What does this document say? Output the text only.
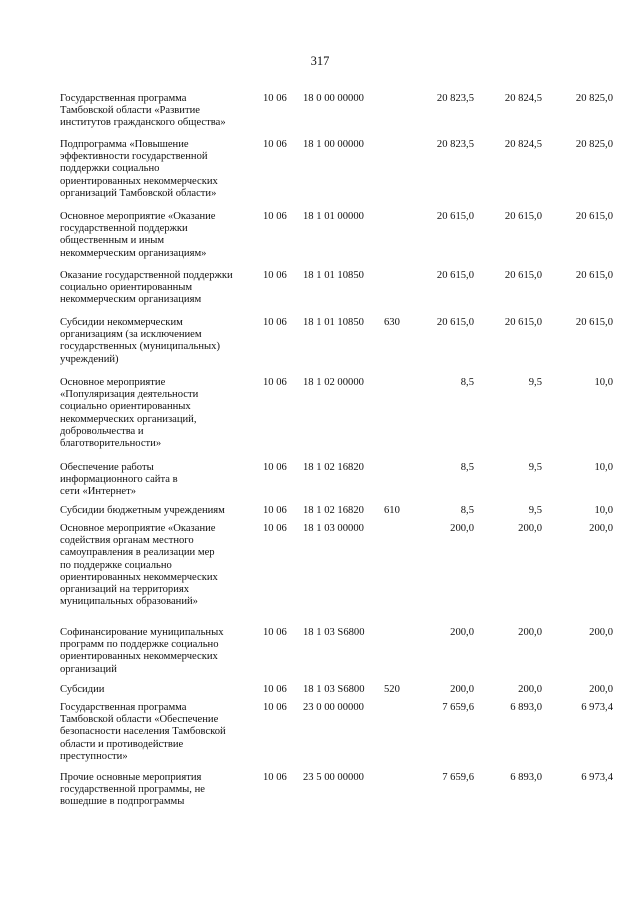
317
Государственная программа
Тамбовской области «Развитие
институтов гражданского общества»
10 06 18 0 00 00000	20 823,5	20 824,5	20 825,0
Подпрограмма «Повышение
эффективности государственной
поддержки социально
ориентированных некоммерческих
организаций Тамбовской области»
10 06 18 1 00 00000	20 823,5	20 824,5	20 825,0
Основное мероприятие «Оказание
государственной поддержки
общественным и иным
некоммерческим организациям»
10 06 18 1 01 00000	20 615,0	20 615,0	20 615,0
Оказание государственной поддержки
социально ориентированным
некоммерческим организациям
10 06 18 1 01 10850	20 615,0	20 615,0	20 615,0
Субсидии некоммерческим
организациям (за исключением
государственных (муниципальных)
учреждений)
10 06 18 1 01 10850 630	20 615,0	20 615,0	20 615,0
Основное мероприятие
«Популяризация деятельности
социально ориентированных
некоммерческих организаций,
добровольчества и
благотворительности»
10 06 18 1 02 00000	8,5	9,5	10,0
Обеспечение работы
информационного сайта в
сети «Интернет»
10 06 18 1 02 16820	8,5	9,5	10,0
Субсидии бюджетным учреждениям	10 06 18 1 02 16820 610	8,5	9,5	10,0
Основное мероприятие «Оказание
содействия органам местного
самоуправления в реализации мер
по поддержке социально
ориентированных некоммерческих
организаций на территориях
муниципальных образований»
10 06 18 1 03 00000	200,0	200,0	200,0
Софинансирование муниципальных
программ по поддержке социально
ориентированных некоммерческих
организаций
10 06 18 1 03 S6800	200,0	200,0	200,0
Субсидии	10 06 18 1 03 S6800 520	200,0	200,0	200,0
Государственная программа
Тамбовской области «Обеспечение
безопасности населения Тамбовской
области и противодействие
преступности»
10 06 23 0 00 00000	7 659,6	6 893,0	6 973,4
Прочие основные мероприятия
государственной программы, не
вошедшие в подпрограммы
10 06 23 5 00 00000	7 659,6	6 893,0	6 973,4
